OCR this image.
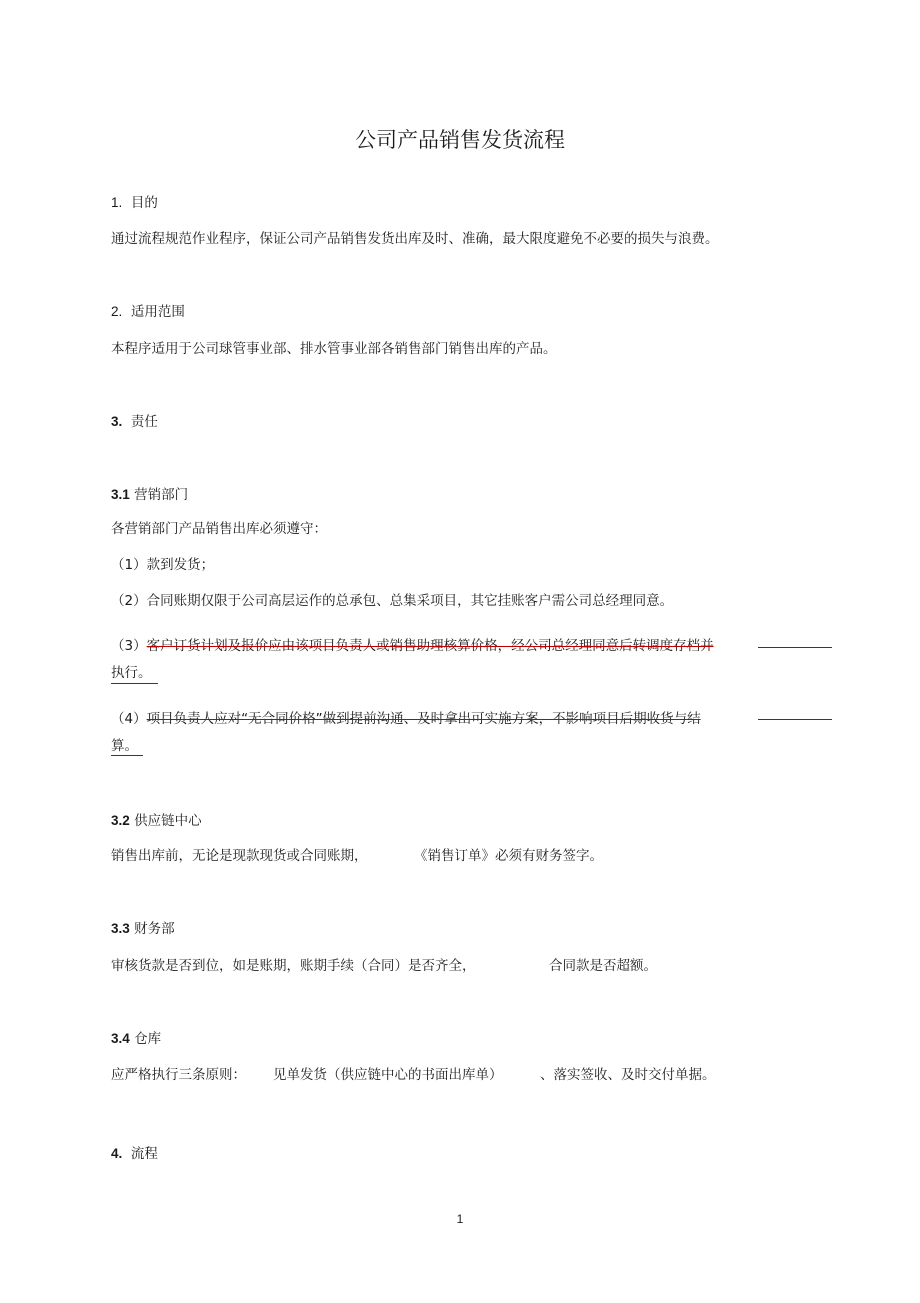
公司产品销售发货流程
1. 目的
通过流程规范作业程序，保证公司产品销售发货出库及时、准确，最大限度避免不必要的损失与浪费。
2. 适用范围
本程序适用于公司球管事业部、排水管事业部各销售部门销售出库的产品。
3. 责任
3.1 营销部门
各营销部门产品销售出库必须遵守：
（1）款到发货；
（2）合同账期仅限于公司高层运作的总承包、总集采项目，其它挂账客户需公司总经理同意。
（3）客户订货计划及报价应由该项目负责人或销售助理核算价格，经公司总经理同意后转调度存档并
执行。
（4）项目负责人应对“无合同价格”做到提前沟通、及时拿出可实施方案，不影响项目后期收货与结
算。
3.2 供应链中心
销售出库前，无论是现款现货或合同账期，	《销售订单》必须有财务签字。
3.3 财务部
审核货款是否到位，如是账期，账期手续（合同）是否齐全，	合同款是否超额。
3.4 仓库
应严格执行三条原则： 见单发货（供应链中心的书面出库单）	、落实签收、及时交付单据。
4. 流程
1
